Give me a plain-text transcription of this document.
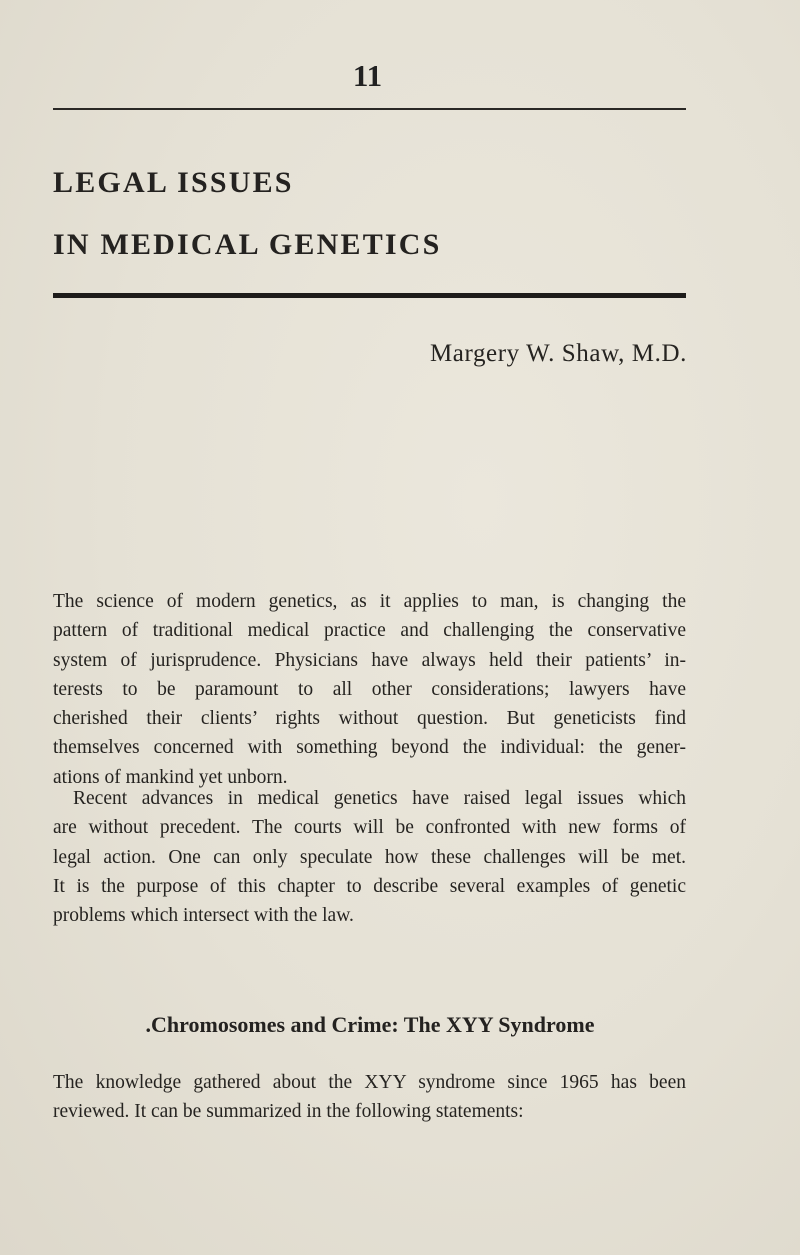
11
LEGAL ISSUES
IN MEDICAL GENETICS
Margery W. Shaw, M.D.
The science of modern genetics, as it applies to man, is changing the
pattern of traditional medical practice and challenging the conservative
system of jurisprudence. Physicians have always held their patients’ in-
terests to be paramount to all other considerations; lawyers have
cherished their clients’ rights without question. But geneticists find
themselves concerned with something beyond the individual: the gener-
ations of mankind yet unborn.
Recent advances in medical genetics have raised legal issues which
are without precedent. The courts will be confronted with new forms of
legal action. One can only speculate how these challenges will be met.
It is the purpose of this chapter to describe several examples of genetic
problems which intersect with the law.
.Chromosomes and Crime: The XYY Syndrome
The knowledge gathered about the XYY syndrome since 1965 has been
reviewed. It can be summarized in the following statements:
